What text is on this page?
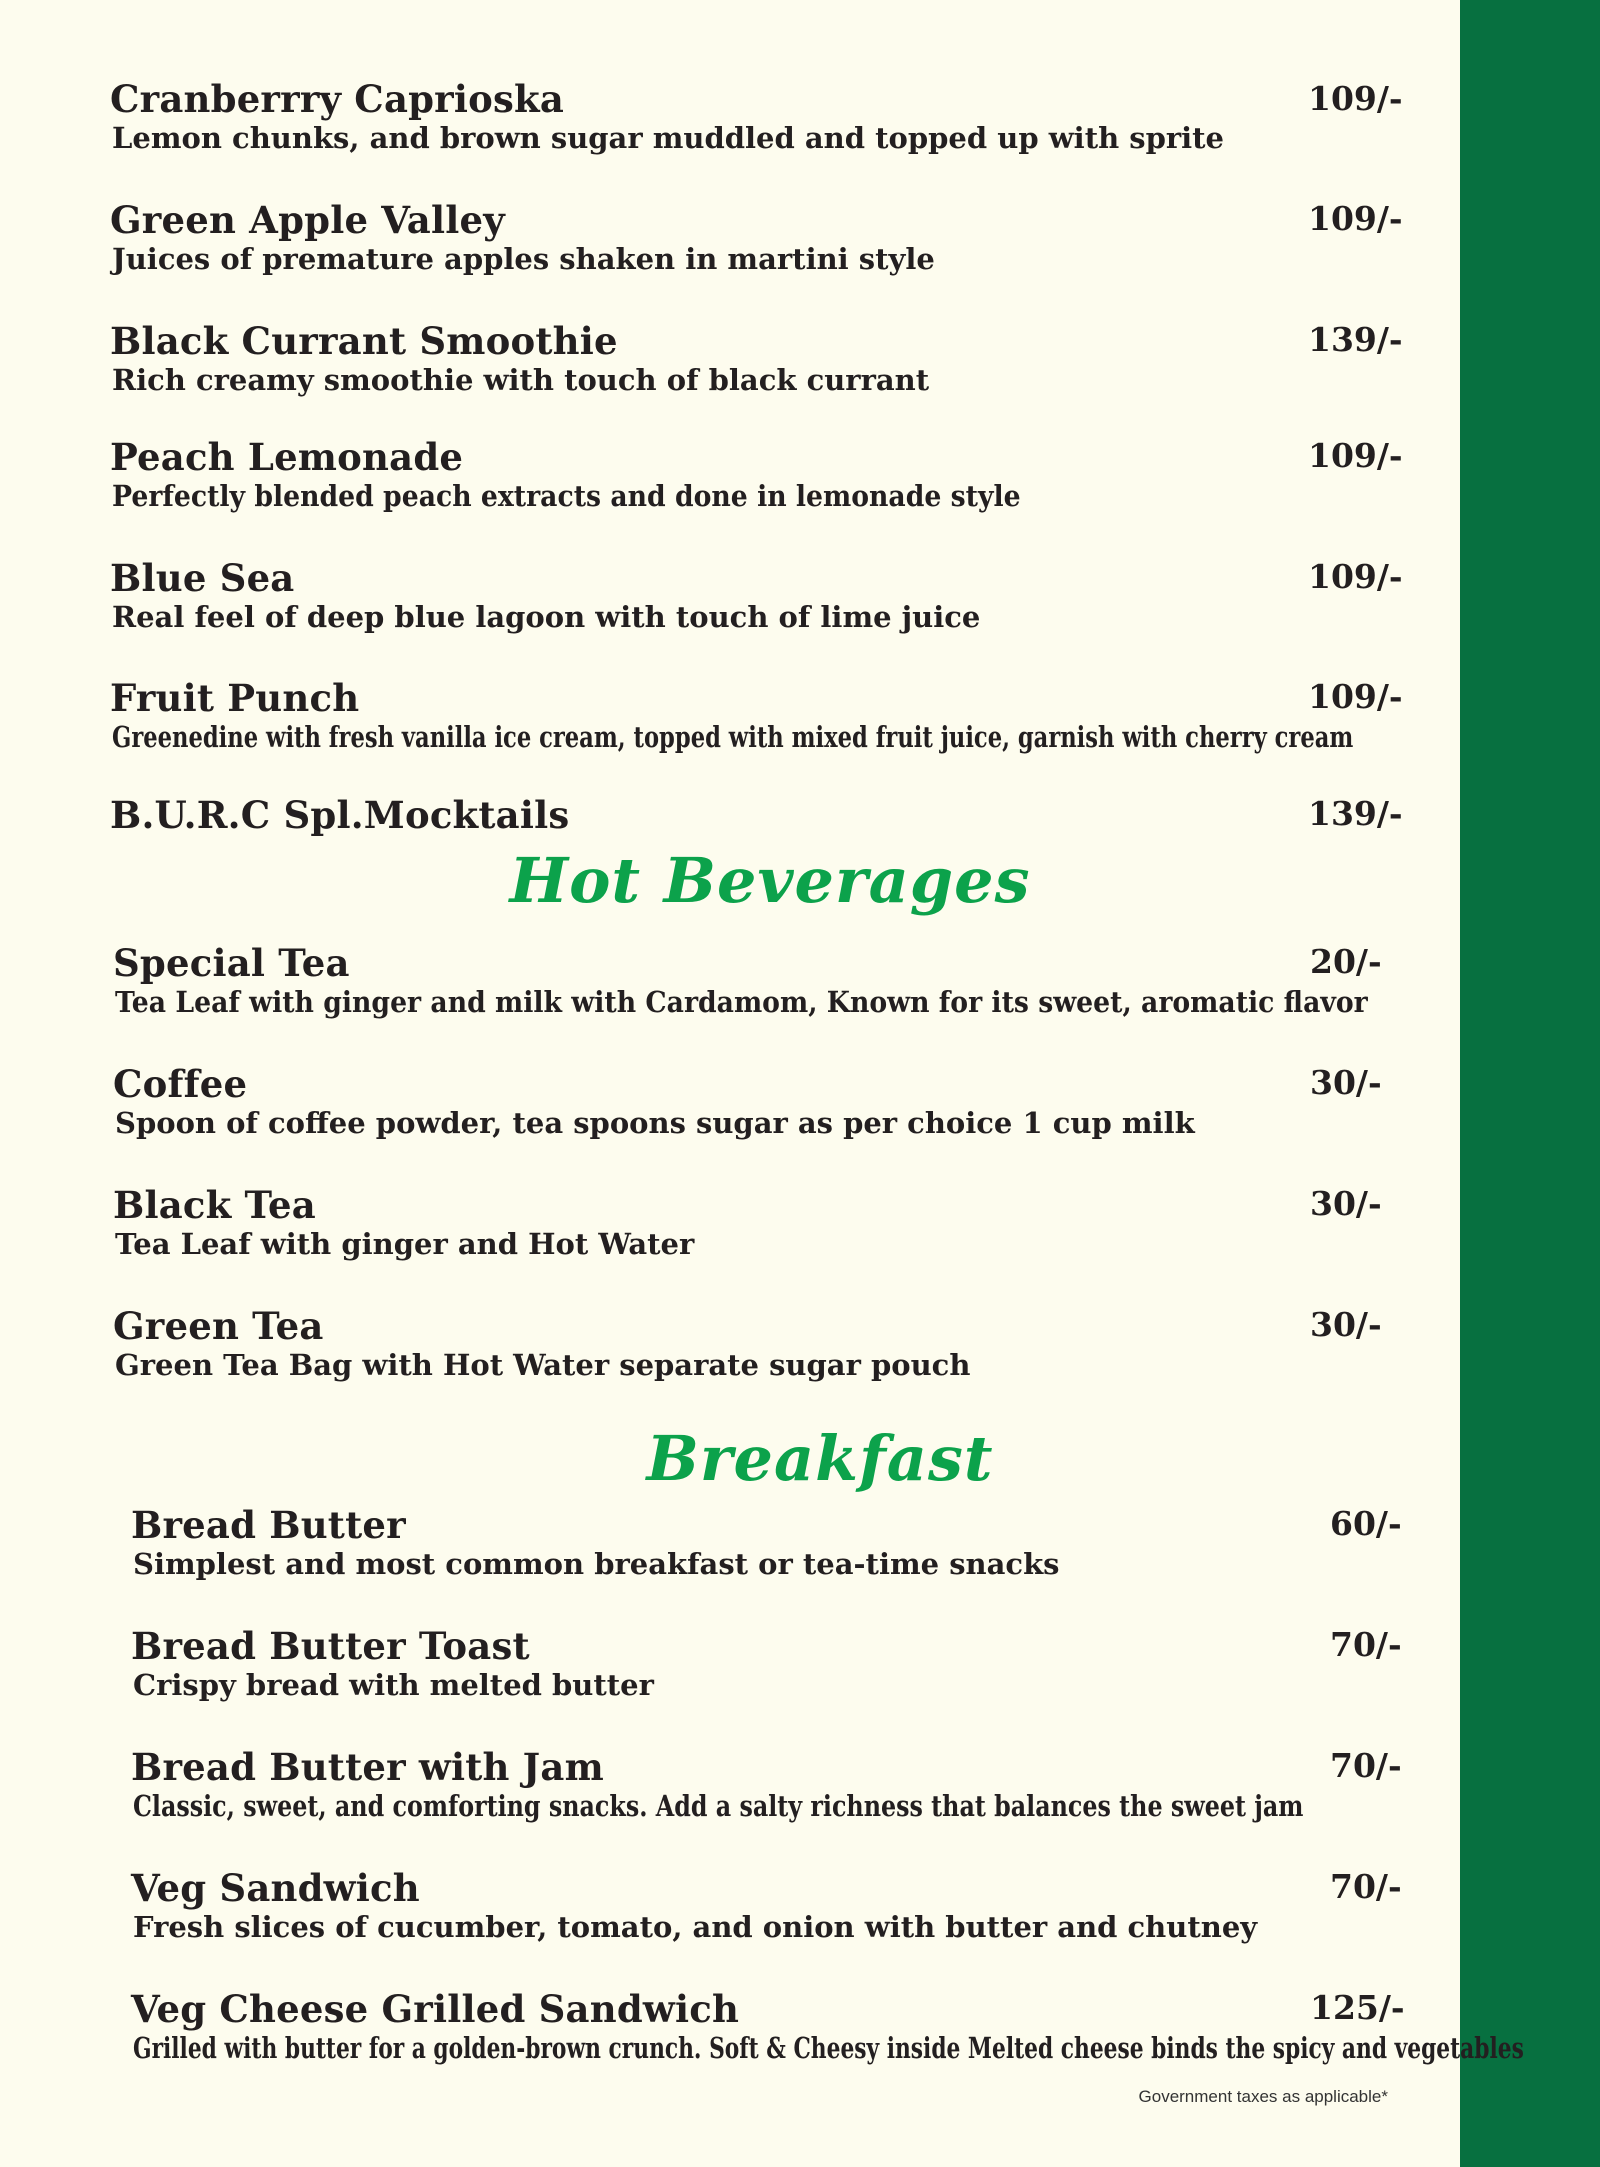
Cranberrry Caprioska
Lemon chunks, and brown sugar muddled and topped up with sprite
109/-
Green Apple Valley
Juices of premature apples shaken in martini style
109/-
Black Currant Smoothie
Rich creamy smoothie with touch of black currant
139/-
Peach Lemonade
Perfectly blended peach extracts and done in lemonade style
109/-
Blue Sea
Real feel of deep blue lagoon with touch of lime juice
109/-
Fruit Punch
Greenedine with fresh vanilla ice cream, topped with mixed fruit juice, garnish with cherry cream
109/-
B.U.R.C Spl.Mocktails	139/-
Hot Beverages
Special Tea
Tea Leaf with ginger and milk with Cardamom, Known for its sweet, aromatic flavor
20/-
Coffee
Spoon of coffee powder, tea spoons sugar as per choice 1 cup milk
30/-
Black Tea
Tea Leaf with ginger and Hot Water
30/-
Green Tea
Green Tea Bag with Hot Water separate sugar pouch
30/-
Breakfast
Bread Butter
Simplest and most common breakfast or tea-time snacks
60/-
Bread Butter Toast
Crispy bread with melted butter
70/-
Bread Butter with Jam
Classic, sweet, and comforting snacks. Add a salty richness that balances the sweet jam
70/-
Veg Sandwich
Fresh slices of cucumber, tomato, and onion with butter and chutney
70/-
Veg Cheese Grilled Sandwich
Grilled with butter for a golden-brown crunch. Soft & Cheesy inside Melted cheese binds the spicy and vegetables
125/-
Government taxes as applicable*
